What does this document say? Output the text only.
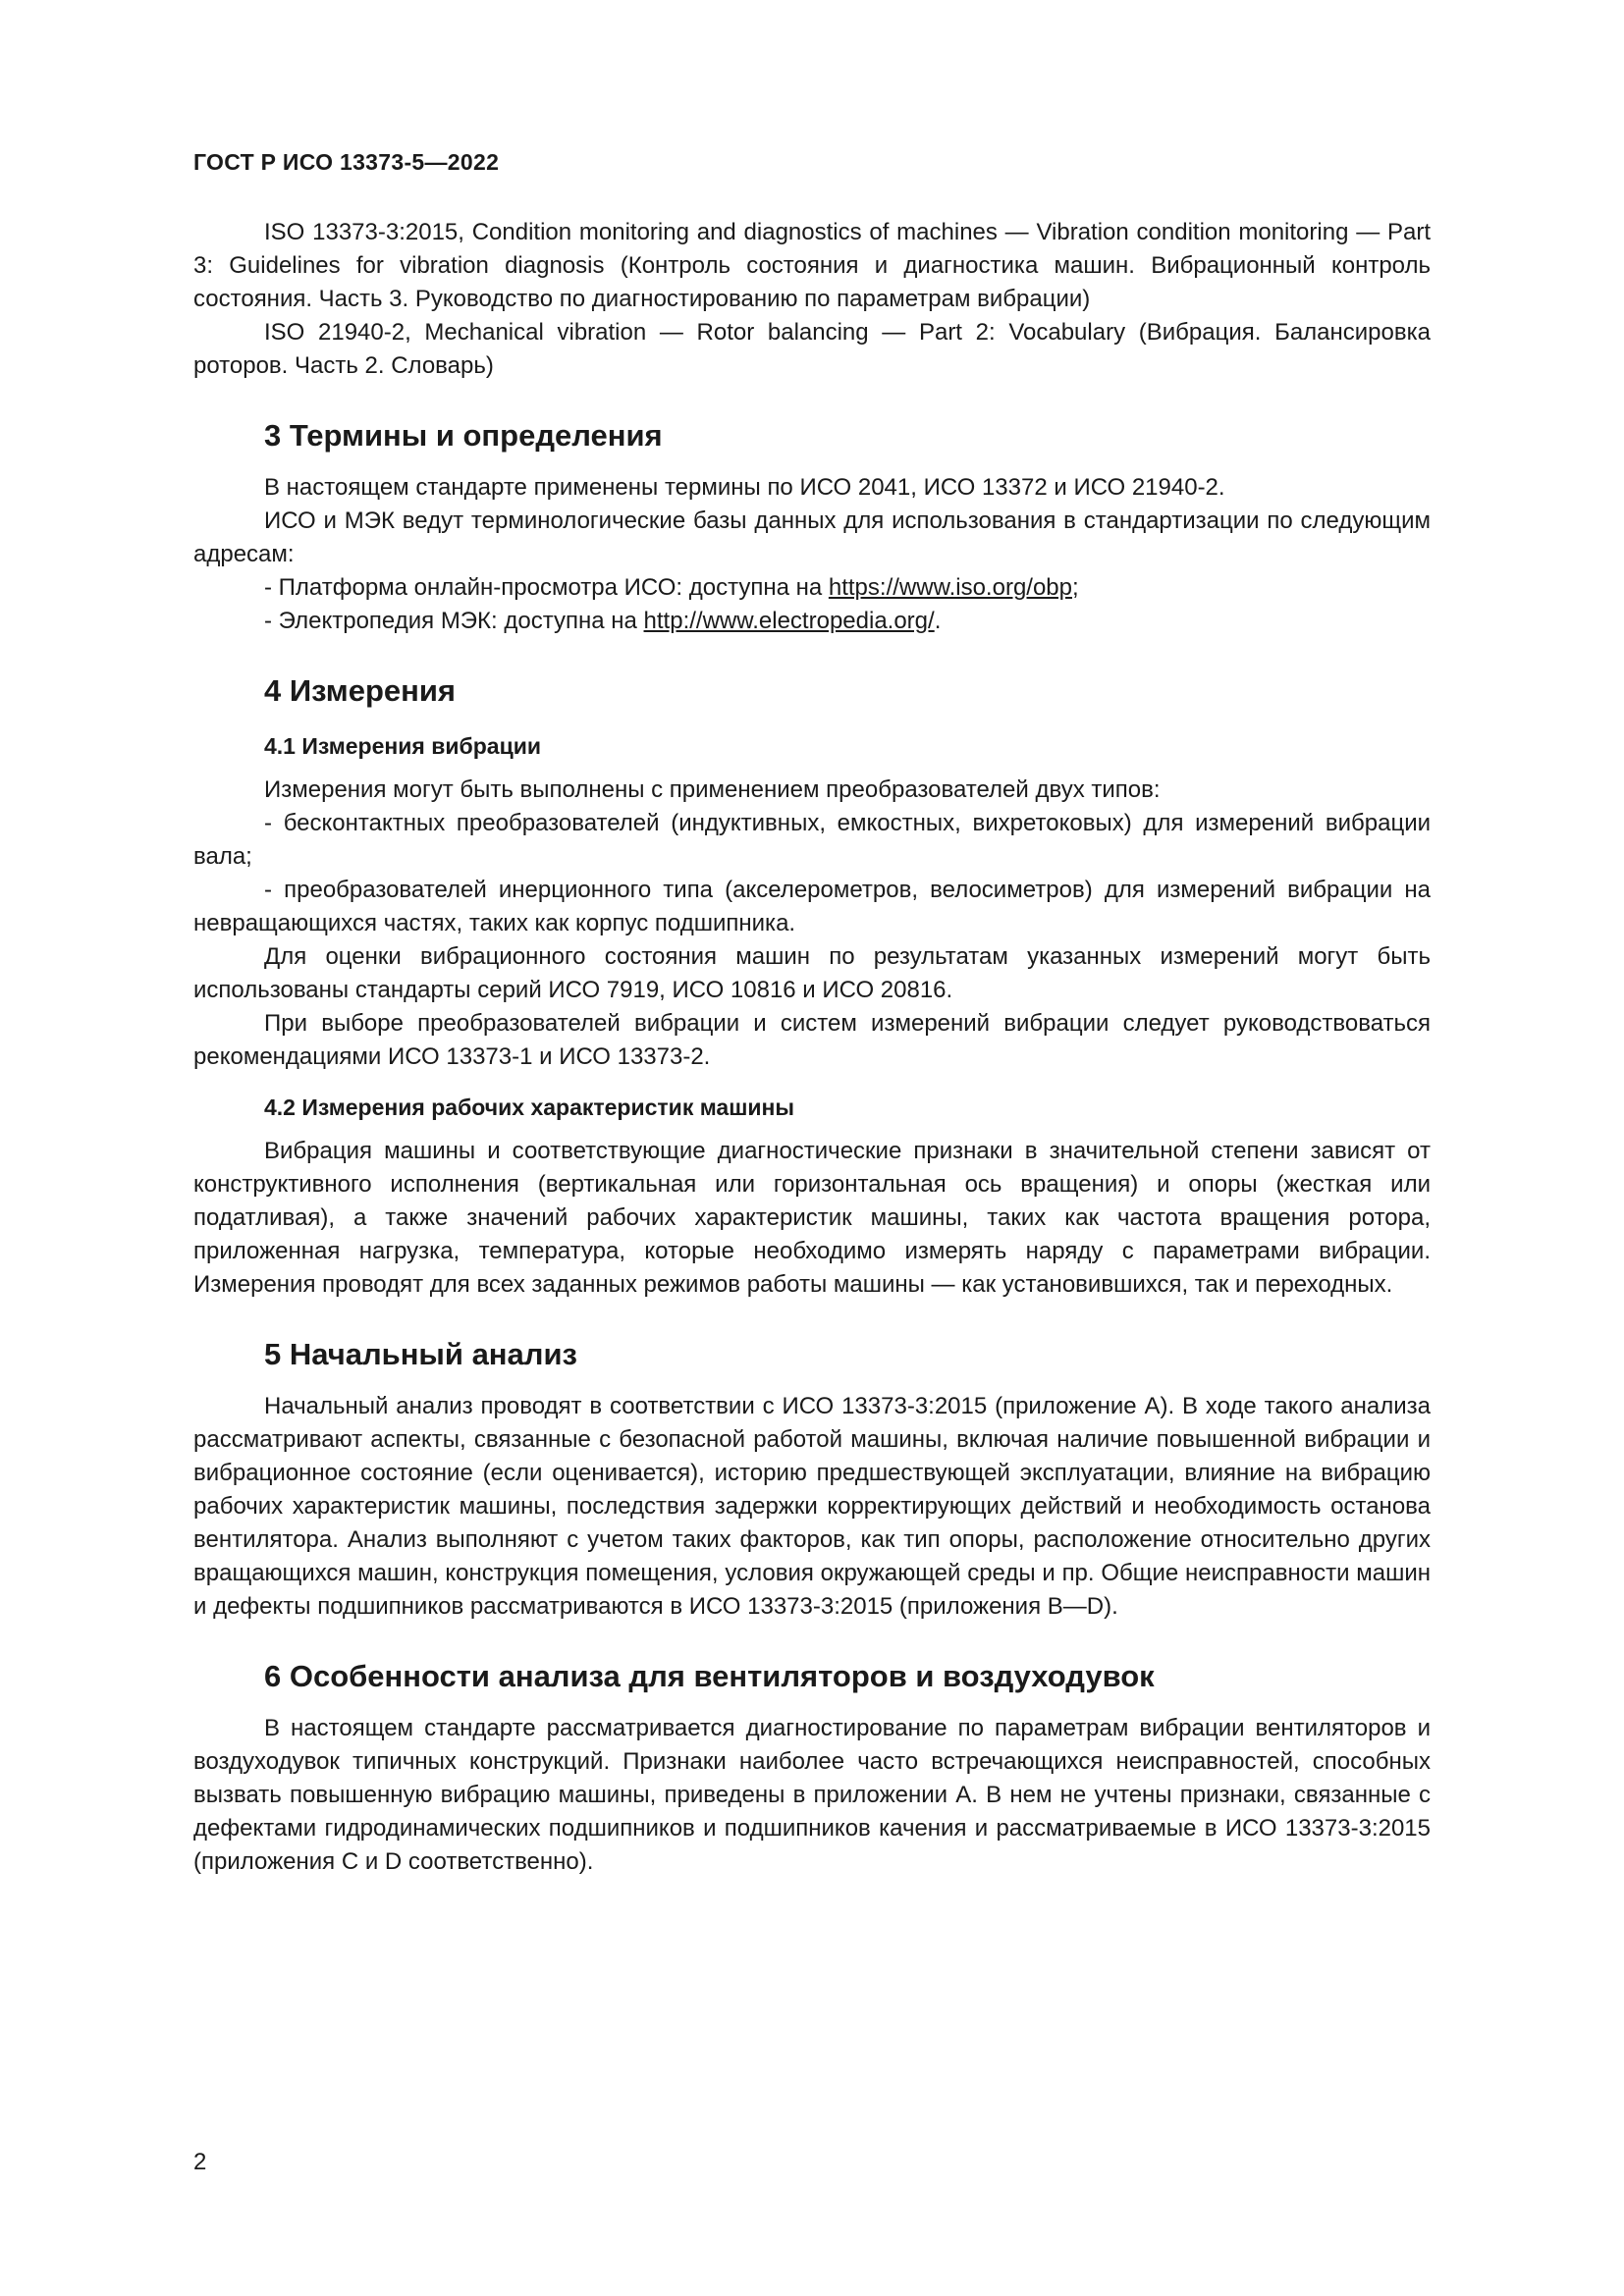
ГОСТ Р ИСО 13373-5—2022

ISO 13373-3:2015, Condition monitoring and diagnostics of machines — Vibration condition monitoring — Part 3: Guidelines for vibration diagnosis (Контроль состояния и диагностика машин. Вибрационный контроль состояния. Часть 3. Руководство по диагностированию по параметрам вибрации)

ISO 21940-2, Mechanical vibration — Rotor balancing — Part 2: Vocabulary (Вибрация. Балансировка роторов. Часть 2. Словарь)

3 Термины и определения

В настоящем стандарте применены термины по ИСО 2041, ИСО 13372 и ИСО 21940-2.

ИСО и МЭК ведут терминологические базы данных для использования в стандартизации по следующим адресам:

- Платформа онлайн-просмотра ИСО: доступна на https://www.iso.org/obp;

- Электропедия МЭК: доступна на http://www.electropedia.org/.

4 Измерения
4.1 Измерения вибрации

Измерения могут быть выполнены с применением преобразователей двух типов:

- бесконтактных преобразователей (индуктивных, емкостных, вихретоковых) для измерений вибрации вала;

- преобразователей инерционного типа (акселерометров, велосиметров) для измерений вибрации на невращающихся частях, таких как корпус подшипника.

Для оценки вибрационного состояния машин по результатам указанных измерений могут быть использованы стандарты серий ИСО 7919, ИСО 10816 и ИСО 20816.

При выборе преобразователей вибрации и систем измерений вибрации следует руководствоваться рекомендациями ИСО 13373-1 и ИСО 13373-2.

4.2 Измерения рабочих характеристик машины

Вибрация машины и соответствующие диагностические признаки в значительной степени зависят от конструктивного исполнения (вертикальная или горизонтальная ось вращения) и опоры (жесткая или податливая), а также значений рабочих характеристик машины, таких как частота вращения ротора, приложенная нагрузка, температура, которые необходимо измерять наряду с параметрами вибрации. Измерения проводят для всех заданных режимов работы машины — как установившихся, так и переходных.

5 Начальный анализ

Начальный анализ проводят в соответствии с ИСО 13373-3:2015 (приложение А). В ходе такого анализа рассматривают аспекты, связанные с безопасной работой машины, включая наличие повышенной вибрации и вибрационное состояние (если оценивается), историю предшествующей эксплуатации, влияние на вибрацию рабочих характеристик машины, последствия задержки корректирующих действий и необходимость останова вентилятора. Анализ выполняют с учетом таких факторов, как тип опоры, расположение относительно других вращающихся машин, конструкция помещения, условия окружающей среды и пр. Общие неисправности машин и дефекты подшипников рассматриваются в ИСО 13373-3:2015 (приложения В—D).

6 Особенности анализа для вентиляторов и воздуходувок

В настоящем стандарте рассматривается диагностирование по параметрам вибрации вентиляторов и воздуходувок типичных конструкций. Признаки наиболее часто встречающихся неисправностей, способных вызвать повышенную вибрацию машины, приведены в приложении А. В нем не учтены признаки, связанные с дефектами гидродинамических подшипников и подшипников качения и рассматриваемые в ИСО 13373-3:2015 (приложения С и D соответственно).

2
